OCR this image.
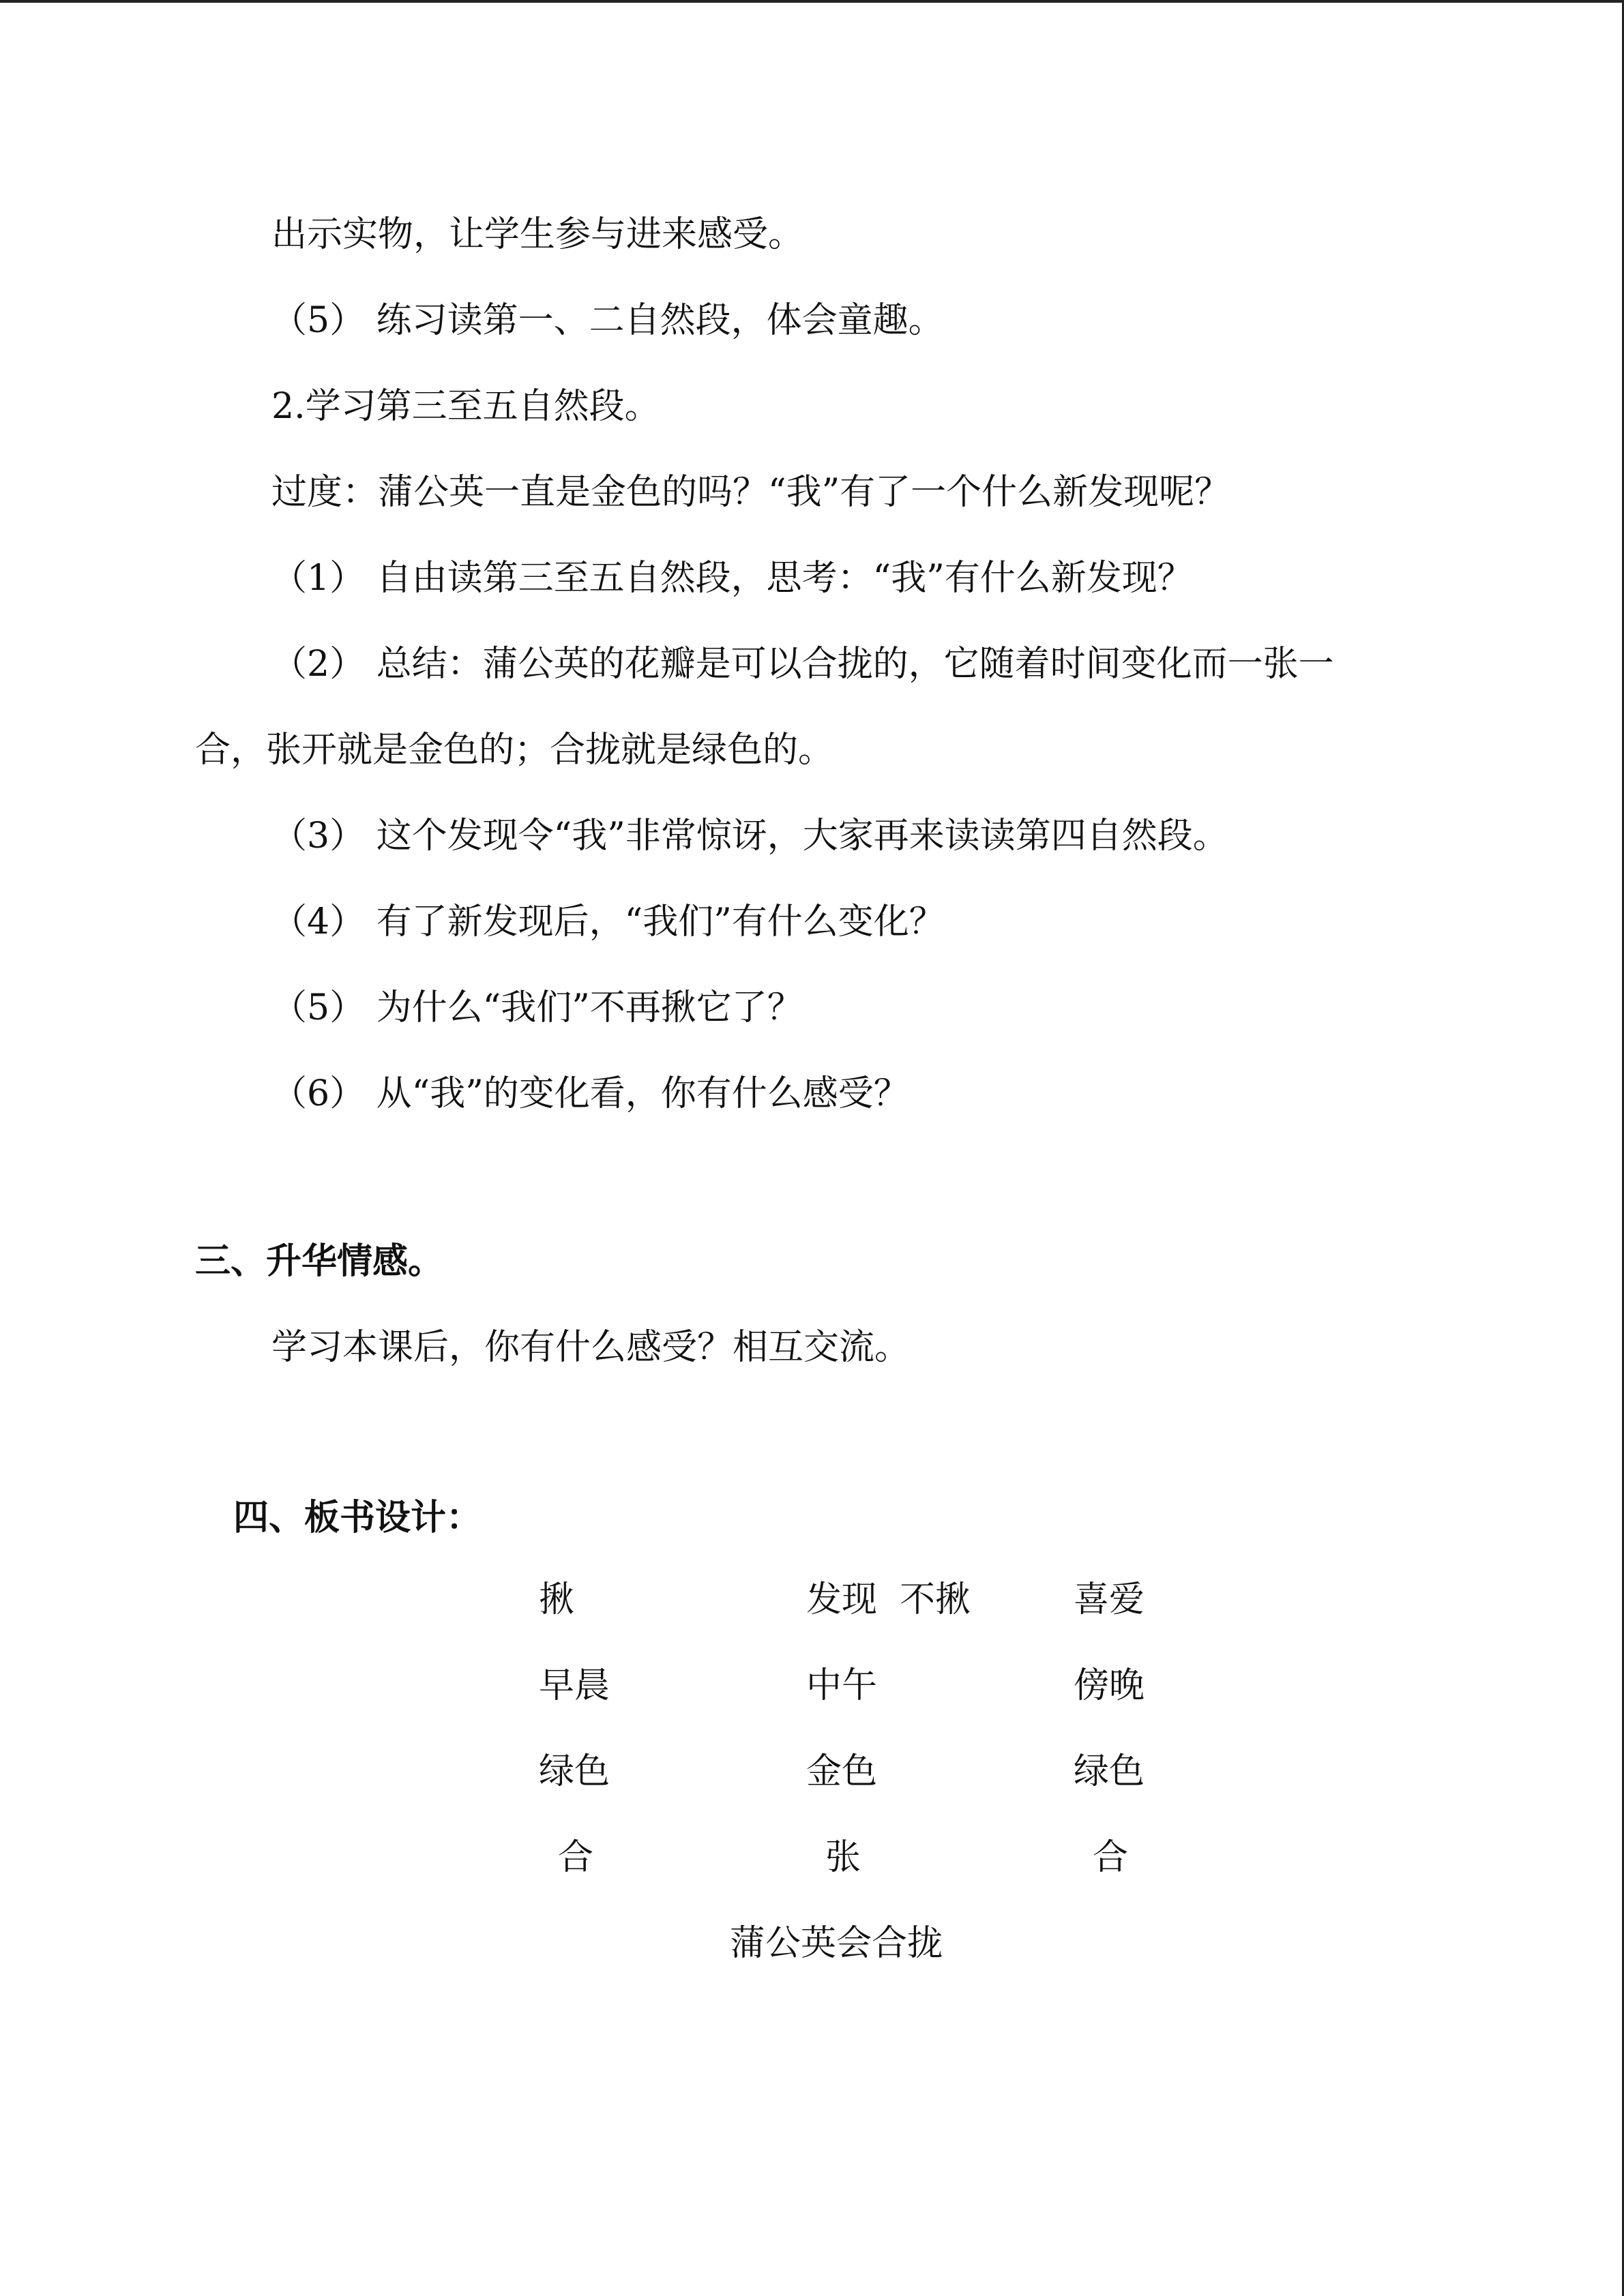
出示实物，让学生参与进来感受。

（5） 练习读第一、二自然段，体会童趣。

2.学习第三至五自然段。

过度：蒲公英一直是金色的吗？“我”有了一个什么新发现呢？

（1） 自由读第三至五自然段，思考：“我”有什么新发现？

（2） 总结：蒲公英的花瓣是可以合拢的，它随着时间变化而一张一

合，张开就是金色的；合拢就是绿色的。

（3） 这个发现令“我”非常惊讶，大家再来读读第四自然段。

（4） 有了新发现后，“我们”有什么变化？

（5） 为什么“我们”不再揪它了？

（6） 从“我”的变化看，你有什么感受？

三、升华情感。

学习本课后，你有什么感受？相互交流。

四、板书设计：
揪	发现  不揪	喜爱
早晨	中午	傍晚
绿色	金色	绿色
合	张	合
蒲公英会合拢
